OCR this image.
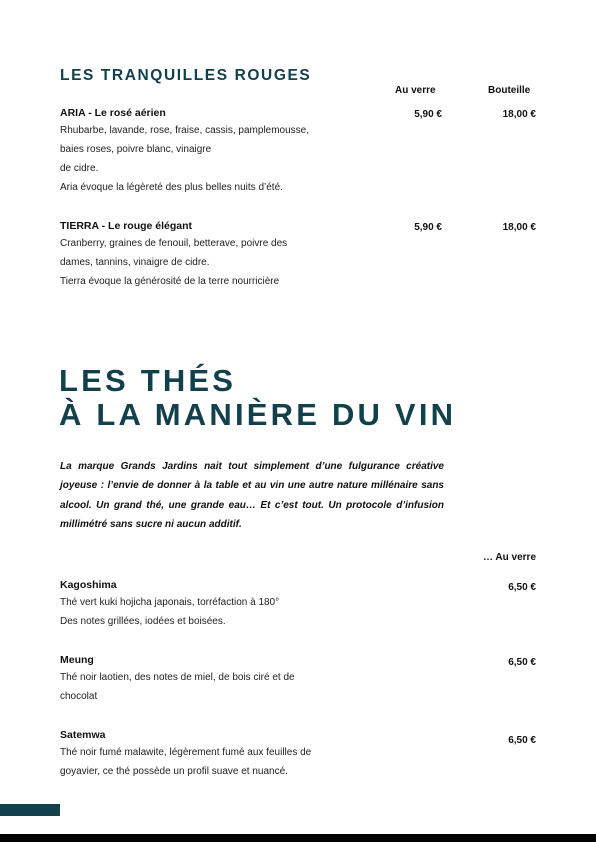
LES TRANQUILLES ROUGES
Au verre	Bouteille
ARIA - Le rosé aérien
Rhubarbe, lavande, rose, fraise, cassis, pamplemousse,
baies roses, poivre blanc, vinaigre
de cidre.
Aria évoque la légèreté des plus belles nuits d’été.
5,90 €	18,00 €
TIERRA - Le rouge élégant
Cranberry, graines de fenouil, betterave, poivre des
dames, tannins, vinaigre de cidre.
Tierra évoque la générosité de la terre nourricière
5,90 €	18,00 €
LES THÉS
À LA MANIÈRE DU VIN
La marque Grands Jardins nait tout simplement d’une fulgurance créative joyeuse : l’envie de donner à la table et au vin une autre nature millénaire sans alcool. Un grand thé, une grande eau… Et c’est tout. Un protocole d’infusion millimétré sans sucre ni aucun additif.
… Au verre
Kagoshima
Thé vert kuki hojicha japonais, torréfaction à 180°
Des notes grillées, iodées et boisées.
6,50 €
Meung
Thé noir laotien, des notes de miel, de bois ciré et de
chocolat
6,50 €
Satemwa
Thé noir fumé malawite, légèrement fumé aux feuilles de
goyavier, ce thé possède un profil suave et nuancé.
6,50 €
